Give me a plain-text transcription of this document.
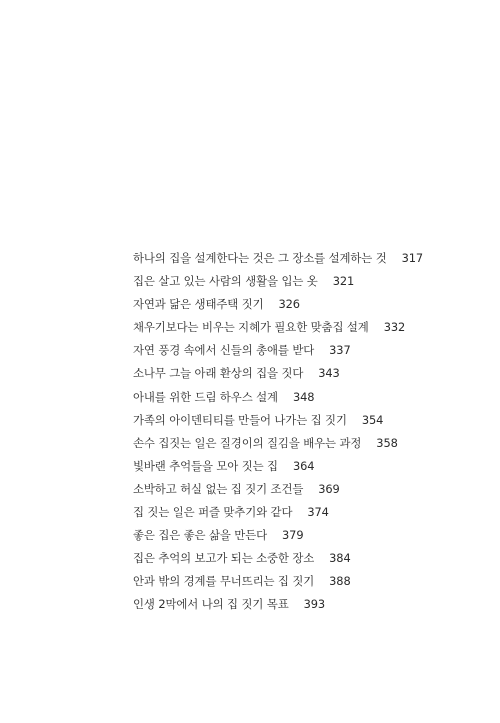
하나의 집을 설계한다는 것은 그 장소를 설계하는 것 317
집은 살고 있는 사람의 생활을 입는 옷 321
자연과 닮은 생태주택 짓기 326
채우기보다는 비우는 지혜가 필요한 맞춤집 설계 332
자연 풍경 속에서 신들의 총애를 받다 337
소나무 그늘 아래 환상의 집을 짓다 343
아내를 위한 드림 하우스 설계 348
가족의 아이덴티티를 만들어 나가는 집 짓기 354
손수 집짓는 일은 질경이의 질김을 배우는 과정 358
빛바랜 추억들을 모아 짓는 집 364
소박하고 허실 없는 집 짓기 조건들 369
집 짓는 일은 퍼즐 맞추기와 같다 374
좋은 집은 좋은 삶을 만든다 379
집은 추억의 보고가 되는 소중한 장소 384
안과 밖의 경계를 무너뜨리는 집 짓기 388
인생 2막에서 나의 집 짓기 목표 393
